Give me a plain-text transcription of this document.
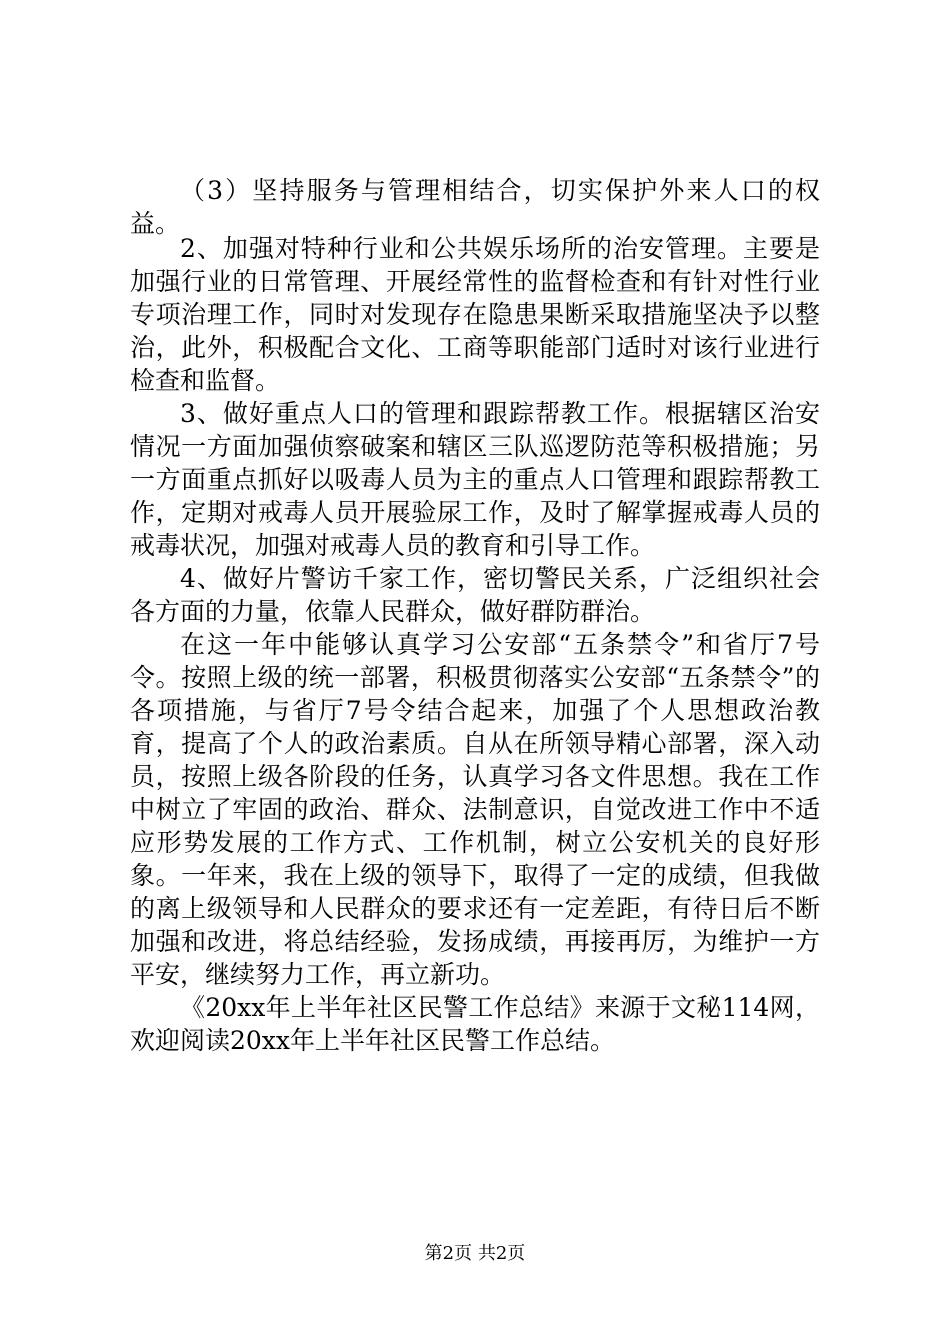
（3）坚持服务与管理相结合，切实保护外来人口的权益。

2、加强对特种行业和公共娱乐场所的治安管理。主要是加强行业的日常管理、开展经常性的监督检查和有针对性行业专项治理工作，同时对发现存在隐患果断采取措施坚决予以整治，此外，积极配合文化、工商等职能部门适时对该行业进行检查和监督。

3、做好重点人口的管理和跟踪帮教工作。根据辖区治安情况一方面加强侦察破案和辖区三队巡逻防范等积极措施；另一方面重点抓好以吸毒人员为主的重点人口管理和跟踪帮教工作，定期对戒毒人员开展验尿工作，及时了解掌握戒毒人员的戒毒状况，加强对戒毒人员的教育和引导工作。

4、做好片警访千家工作，密切警民关系，广泛组织社会各方面的力量，依靠人民群众，做好群防群治。

在这一年中能够认真学习公安部“五条禁令”和省厅7号令。按照上级的统一部署，积极贯彻落实公安部“五条禁令”的各项措施，与省厅7号令结合起来，加强了个人思想政治教育，提高了个人的政治素质。自从在所领导精心部署，深入动员，按照上级各阶段的任务，认真学习各文件思想。我在工作中树立了牢固的政治、群众、法制意识，自觉改进工作中不适应形势发展的工作方式、工作机制，树立公安机关的良好形象。一年来，我在上级的领导下，取得了一定的成绩，但我做的离上级领导和人民群众的要求还有一定差距，有待日后不断加强和改进，将总结经验，发扬成绩，再接再厉，为维护一方平安，继续努力工作，再立新功。

《20xx年上半年社区民警工作总结》来源于文秘114网，欢迎阅读20xx年上半年社区民警工作总结。

第2页 共2页
